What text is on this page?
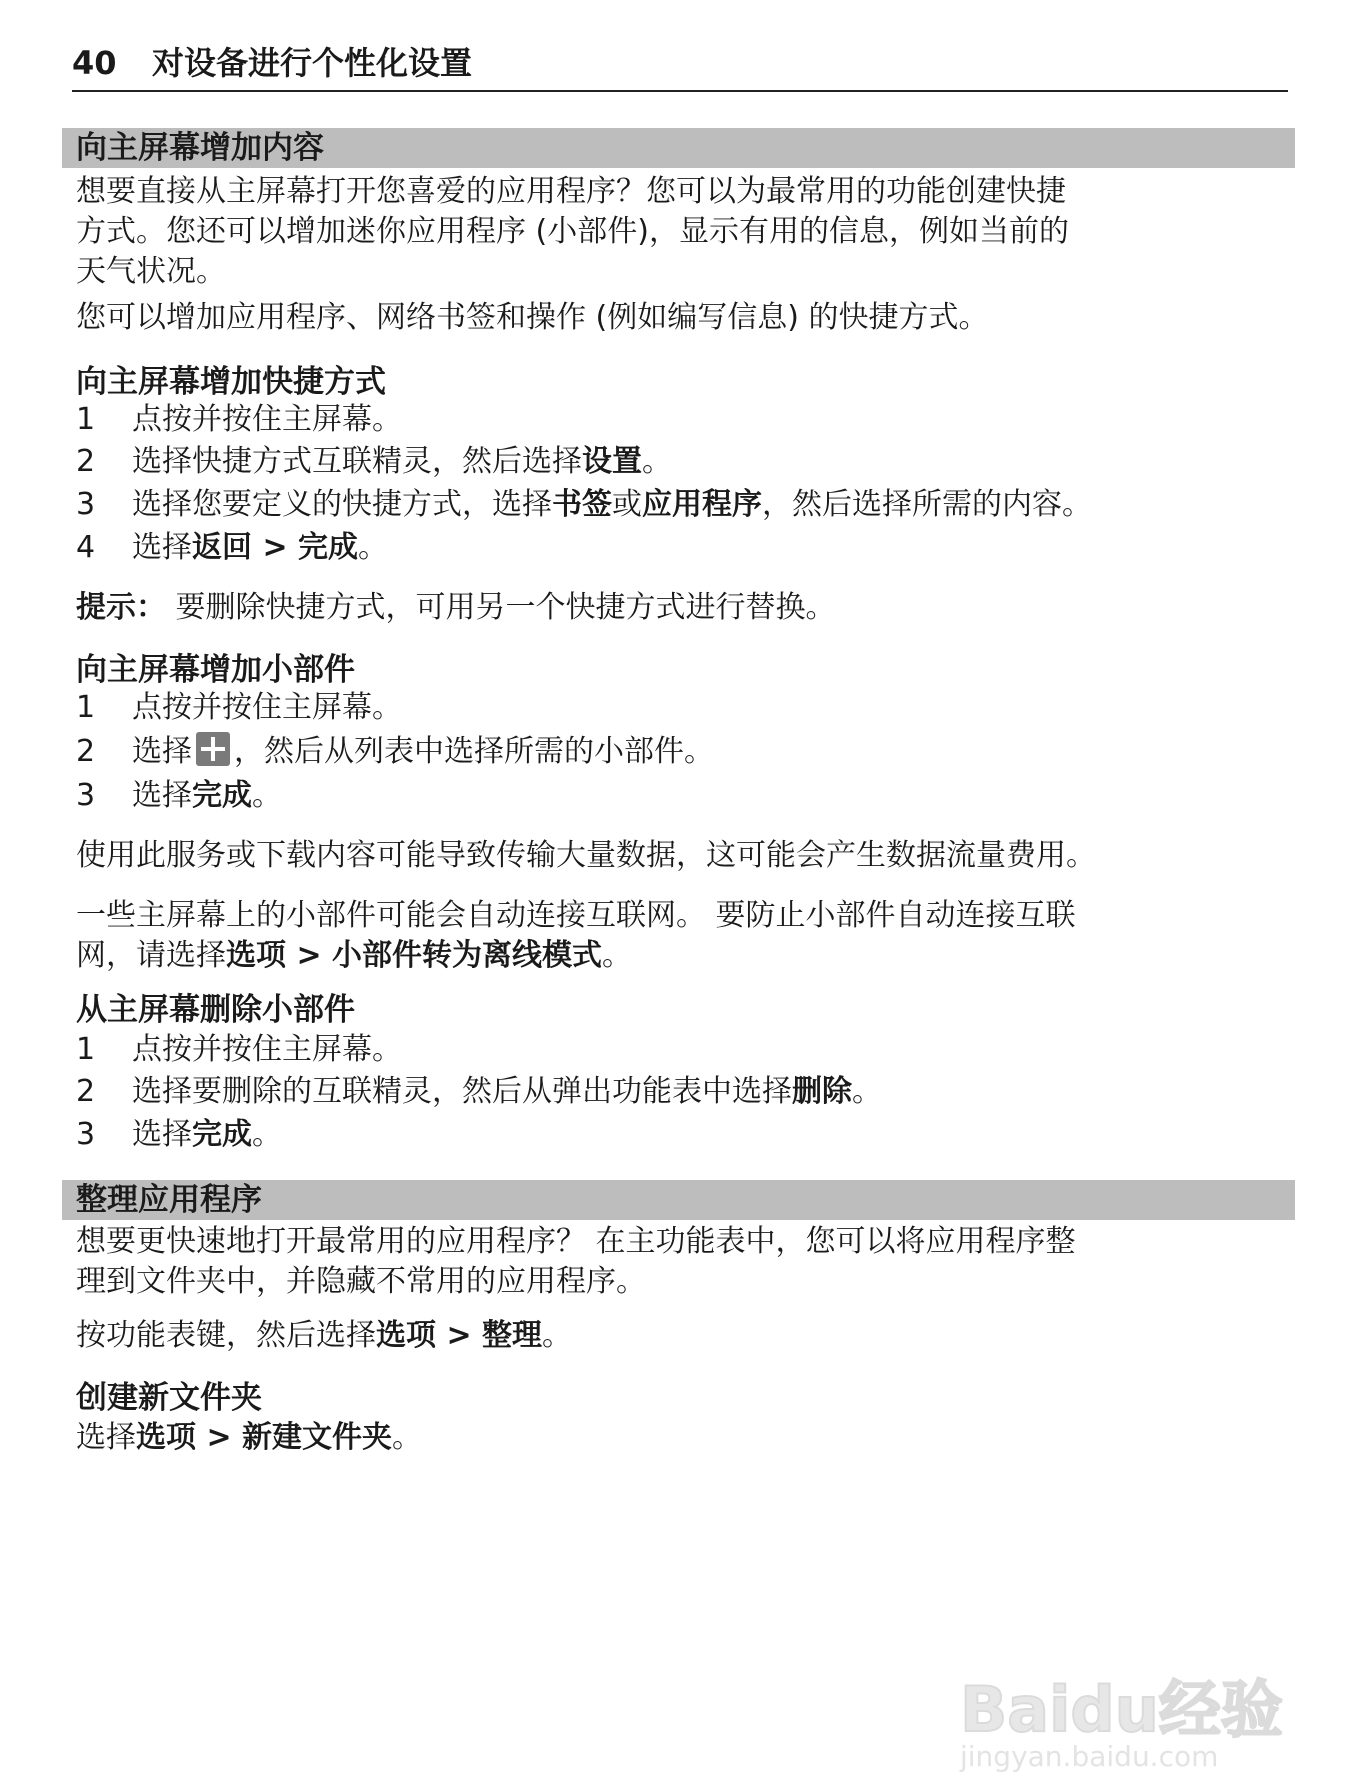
40 对设备进行个性化设置
向主屏幕增加内容
想要直接从主屏幕打开您喜爱的应用程序？您可以为最常用的功能创建快捷
方式。您还可以增加迷你应用程序 (小部件)，显示有用的信息，例如当前的
天气状况。
您可以增加应用程序、网络书签和操作 (例如编写信息) 的快捷方式。
向主屏幕增加快捷方式
1 点按并按住主屏幕。
2 选择快捷方式互联精灵，然后选择设置。
3 选择您要定义的快捷方式，选择书签或应用程序，然后选择所需的内容。
4 选择返回 > 完成。
提示： 要删除快捷方式，可用另一个快捷方式进行替换。
向主屏幕增加小部件
1 点按并按住主屏幕。
2 选择 ，然后从列表中选择所需的小部件。
3 选择完成。
使用此服务或下载内容可能导致传输大量数据，这可能会产生数据流量费用。
一些主屏幕上的小部件可能会自动连接互联网。 要防止小部件自动连接互联
网，请选择选项 > 小部件转为离线模式。
从主屏幕删除小部件
1 点按并按住主屏幕。
2 选择要删除的互联精灵，然后从弹出功能表中选择删除。
3 选择完成。
整理应用程序
想要更快速地打开最常用的应用程序？ 在主功能表中，您可以将应用程序整
理到文件夹中，并隐藏不常用的应用程序。
按功能表键，然后选择选项 > 整理。
创建新文件夹
选择选项 > 新建文件夹。
Baidu经验
jingyan.baidu.com
